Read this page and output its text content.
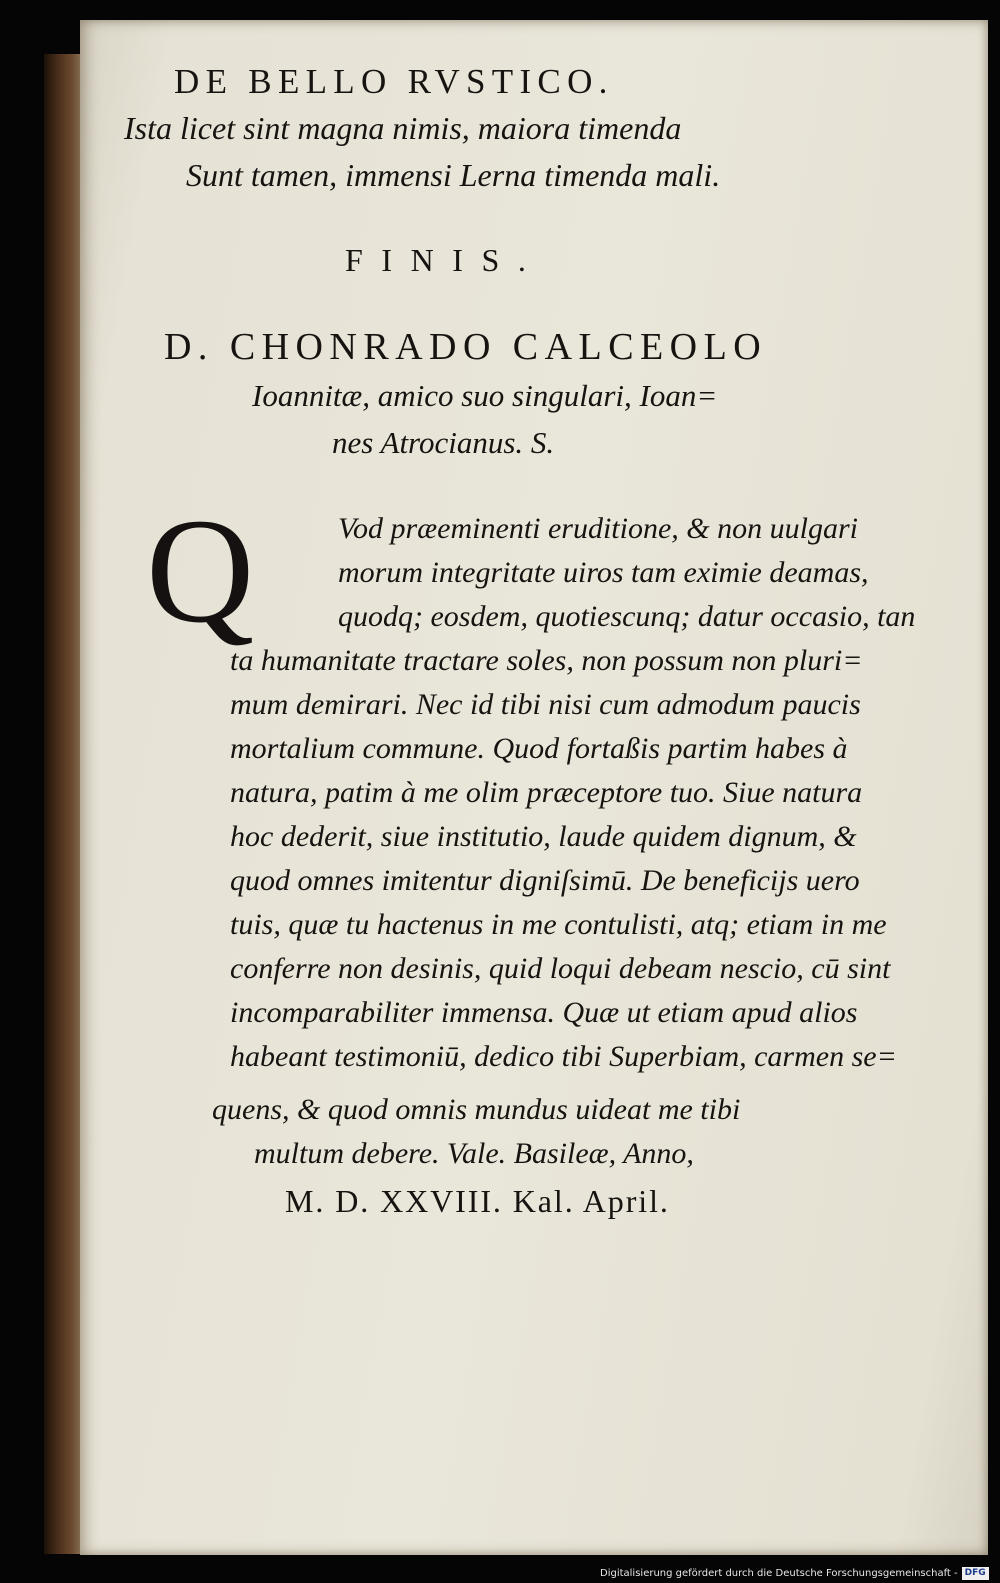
DE BELLO RVSTICO.
Ista licet sint magna nimis, maiora timenda
Sunt tamen, immensi Lerna timenda mali.
FINIS.
D. CHONRADO CALCEOLO
Ioannitæ, amico suo singulari, Ioan=
nes Atrocianus. S.
Q	Vod præeminenti eruditione, & non uulgari
morum integritate uiros tam eximie deamas,
quodq; eosdem, quotiescunq; datur occasio, tan
ta humanitate tractare soles, non possum non pluri=
mum demirari. Nec id tibi nisi cum admodum paucis
mortalium commune. Quod fortaßis partim habes à
natura, patim à me olim præceptore tuo. Siue natura
hoc dederit, siue institutio, laude quidem dignum, &
quod omnes imitentur digniſsimū. De beneficijs uero
tuis, quæ tu hactenus in me contulisti, atq; etiam in me
conferre non desinis, quid loqui debeam nescio, cū sint
incomparabiliter immensa. Quæ ut etiam apud alios
habeant testimoniū, dedico tibi Superbiam, carmen se=
quens, & quod omnis mundus uideat me tibi
multum debere. Vale. Basileæ, Anno,
M. D. XXVIII. Kal. April.
Digitalisierung gefördert durch die Deutsche Forschungsgemeinschaft - DFG
